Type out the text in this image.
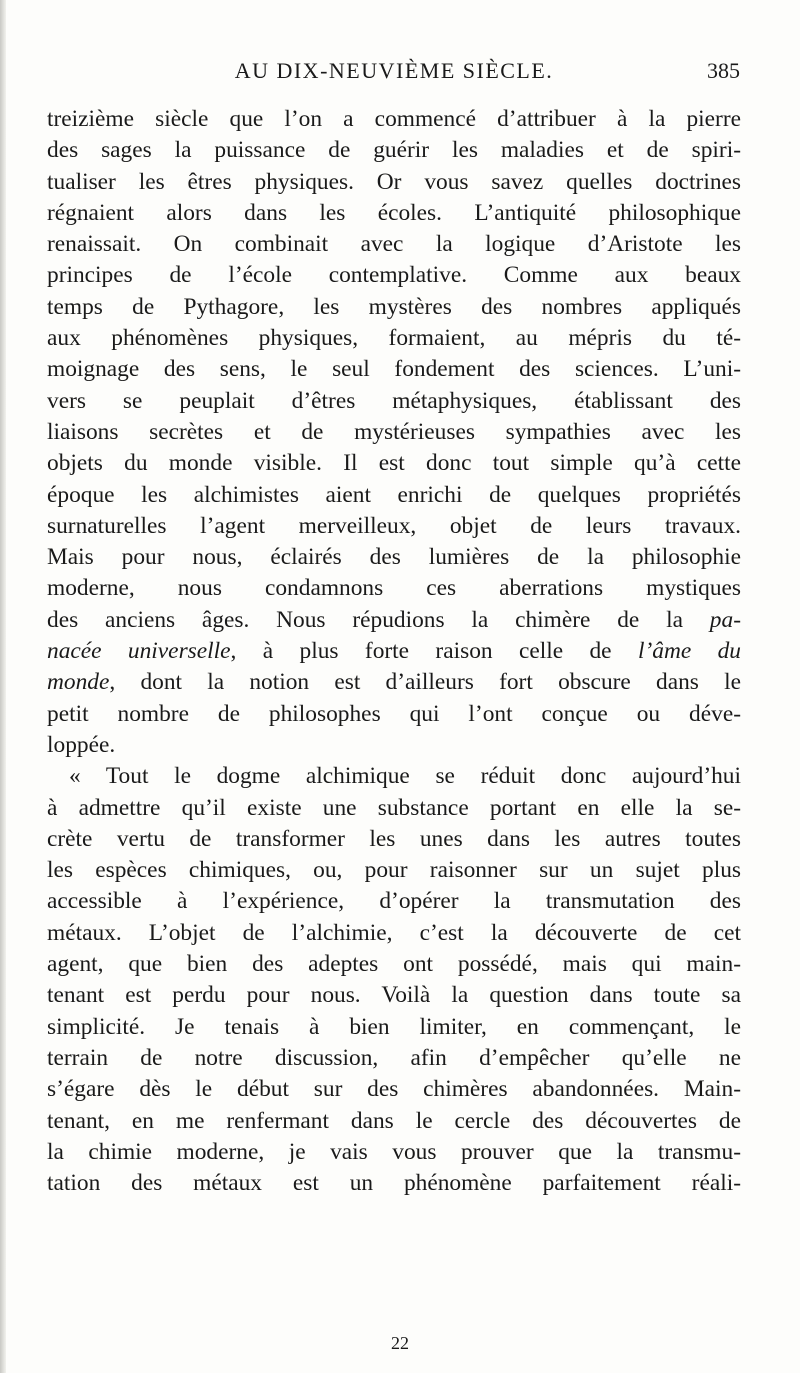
AU DIX-NEUVIÈME SIÈCLE.	385
treizième siècle que l’on a commencé d’attribuer à la pierre
des sages la puissance de guérir les maladies et de spiri-
tualiser les êtres physiques. Or vous savez quelles doctrines
régnaient alors dans les écoles. L’antiquité philosophique
renaissait. On combinait avec la logique d’Aristote les
principes de l’école contemplative. Comme aux beaux
temps de Pythagore, les mystères des nombres appliqués
aux phénomènes physiques, formaient, au mépris du té-
moignage des sens, le seul fondement des sciences. L’uni-
vers se peuplait d’êtres métaphysiques, établissant des
liaisons secrètes et de mystérieuses sympathies avec les
objets du monde visible. Il est donc tout simple qu’à cette
époque les alchimistes aient enrichi de quelques propriétés
surnaturelles l’agent merveilleux, objet de leurs travaux.
Mais pour nous, éclairés des lumières de la philosophie
moderne, nous condamnons ces aberrations mystiques
des anciens âges. Nous répudions la chimère de la pa-
nacée universelle, à plus forte raison celle de l’âme du
monde, dont la notion est d’ailleurs fort obscure dans le
petit nombre de philosophes qui l’ont conçue ou déve-
loppée.
« Tout le dogme alchimique se réduit donc aujourd’hui
à admettre qu’il existe une substance portant en elle la se-
crète vertu de transformer les unes dans les autres toutes
les espèces chimiques, ou, pour raisonner sur un sujet plus
accessible à l’expérience, d’opérer la transmutation des
métaux. L’objet de l’alchimie, c’est la découverte de cet
agent, que bien des adeptes ont possédé, mais qui main-
tenant est perdu pour nous. Voilà la question dans toute sa
simplicité. Je tenais à bien limiter, en commençant, le
terrain de notre discussion, afin d’empêcher qu’elle ne
s’égare dès le début sur des chimères abandonnées. Main-
tenant, en me renfermant dans le cercle des découvertes de
la chimie moderne, je vais vous prouver que la transmu-
tation des métaux est un phénomène parfaitement réali-
22
